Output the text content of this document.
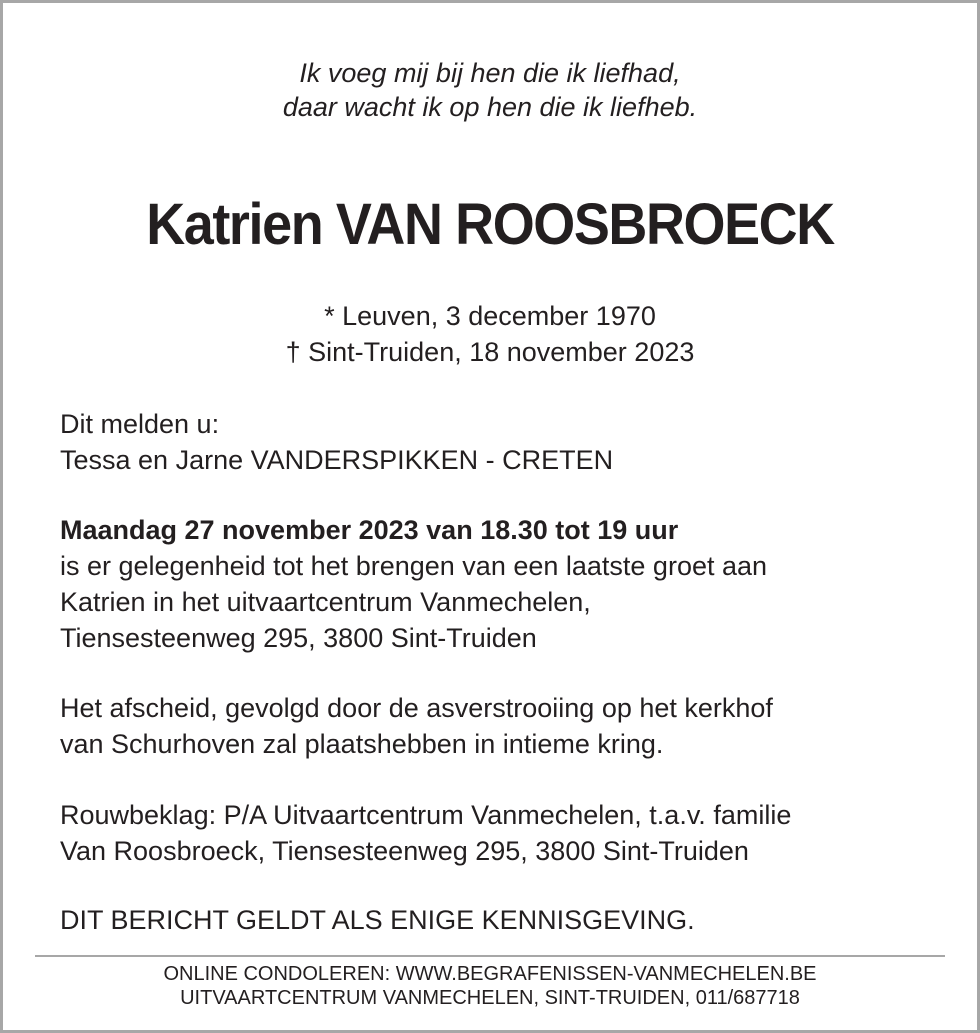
Ik voeg mij bij hen die ik liefhad,
daar wacht ik op hen die ik liefheb.
Katrien VAN ROOSBROECK
* Leuven, 3 december 1970
† Sint-Truiden, 18 november 2023
Dit melden u:
Tessa en Jarne VANDERSPIKKEN - CRETEN
Maandag 27 november 2023 van 18.30 tot 19 uur
is er gelegenheid tot het brengen van een laatste groet aan
Katrien in het uitvaartcentrum Vanmechelen,
Tiensesteenweg 295, 3800 Sint-Truiden
Het afscheid, gevolgd door de asverstrooiing op het kerkhof
van Schurhoven zal plaatshebben in intieme kring.
Rouwbeklag: P/A Uitvaartcentrum Vanmechelen, t.a.v. familie
Van Roosbroeck, Tiensesteenweg 295, 3800 Sint-Truiden
DIT BERICHT GELDT ALS ENIGE KENNISGEVING.
ONLINE CONDOLEREN: WWW.BEGRAFENISSEN-VANMECHELEN.BE
UITVAARTCENTRUM VANMECHELEN, SINT-TRUIDEN, 011/687718
